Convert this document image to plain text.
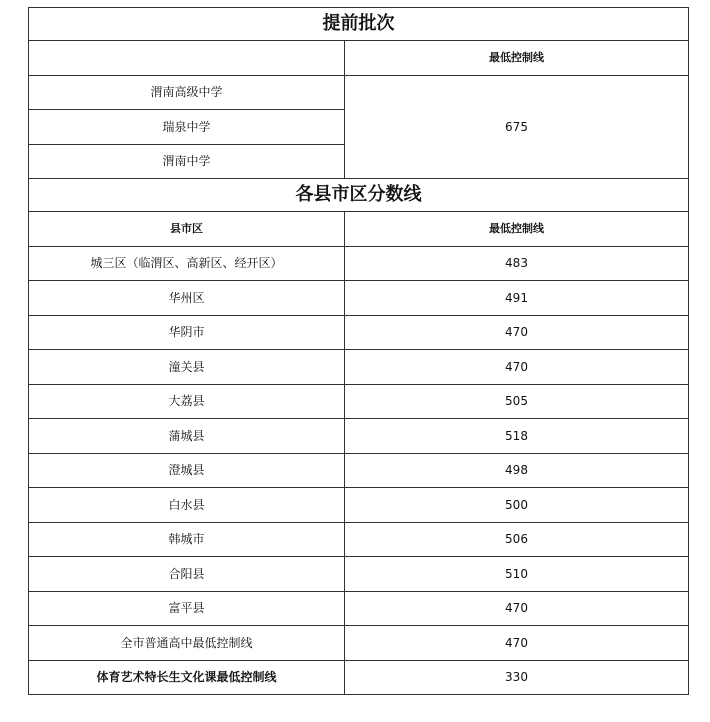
提前批次	
	最低控制线
渭南高级中学	675
瑞泉中学	
渭南中学	
各县市区分数线	
县市区	最低控制线
城三区（临渭区、高新区、经开区）	483
华州区	491
华阴市	470
潼关县	470
大荔县	505
蒲城县	518
澄城县	498
白水县	500
韩城市	506
合阳县	510
富平县	470
全市普通高中最低控制线	470
体育艺术特长生文化课最低控制线	330
